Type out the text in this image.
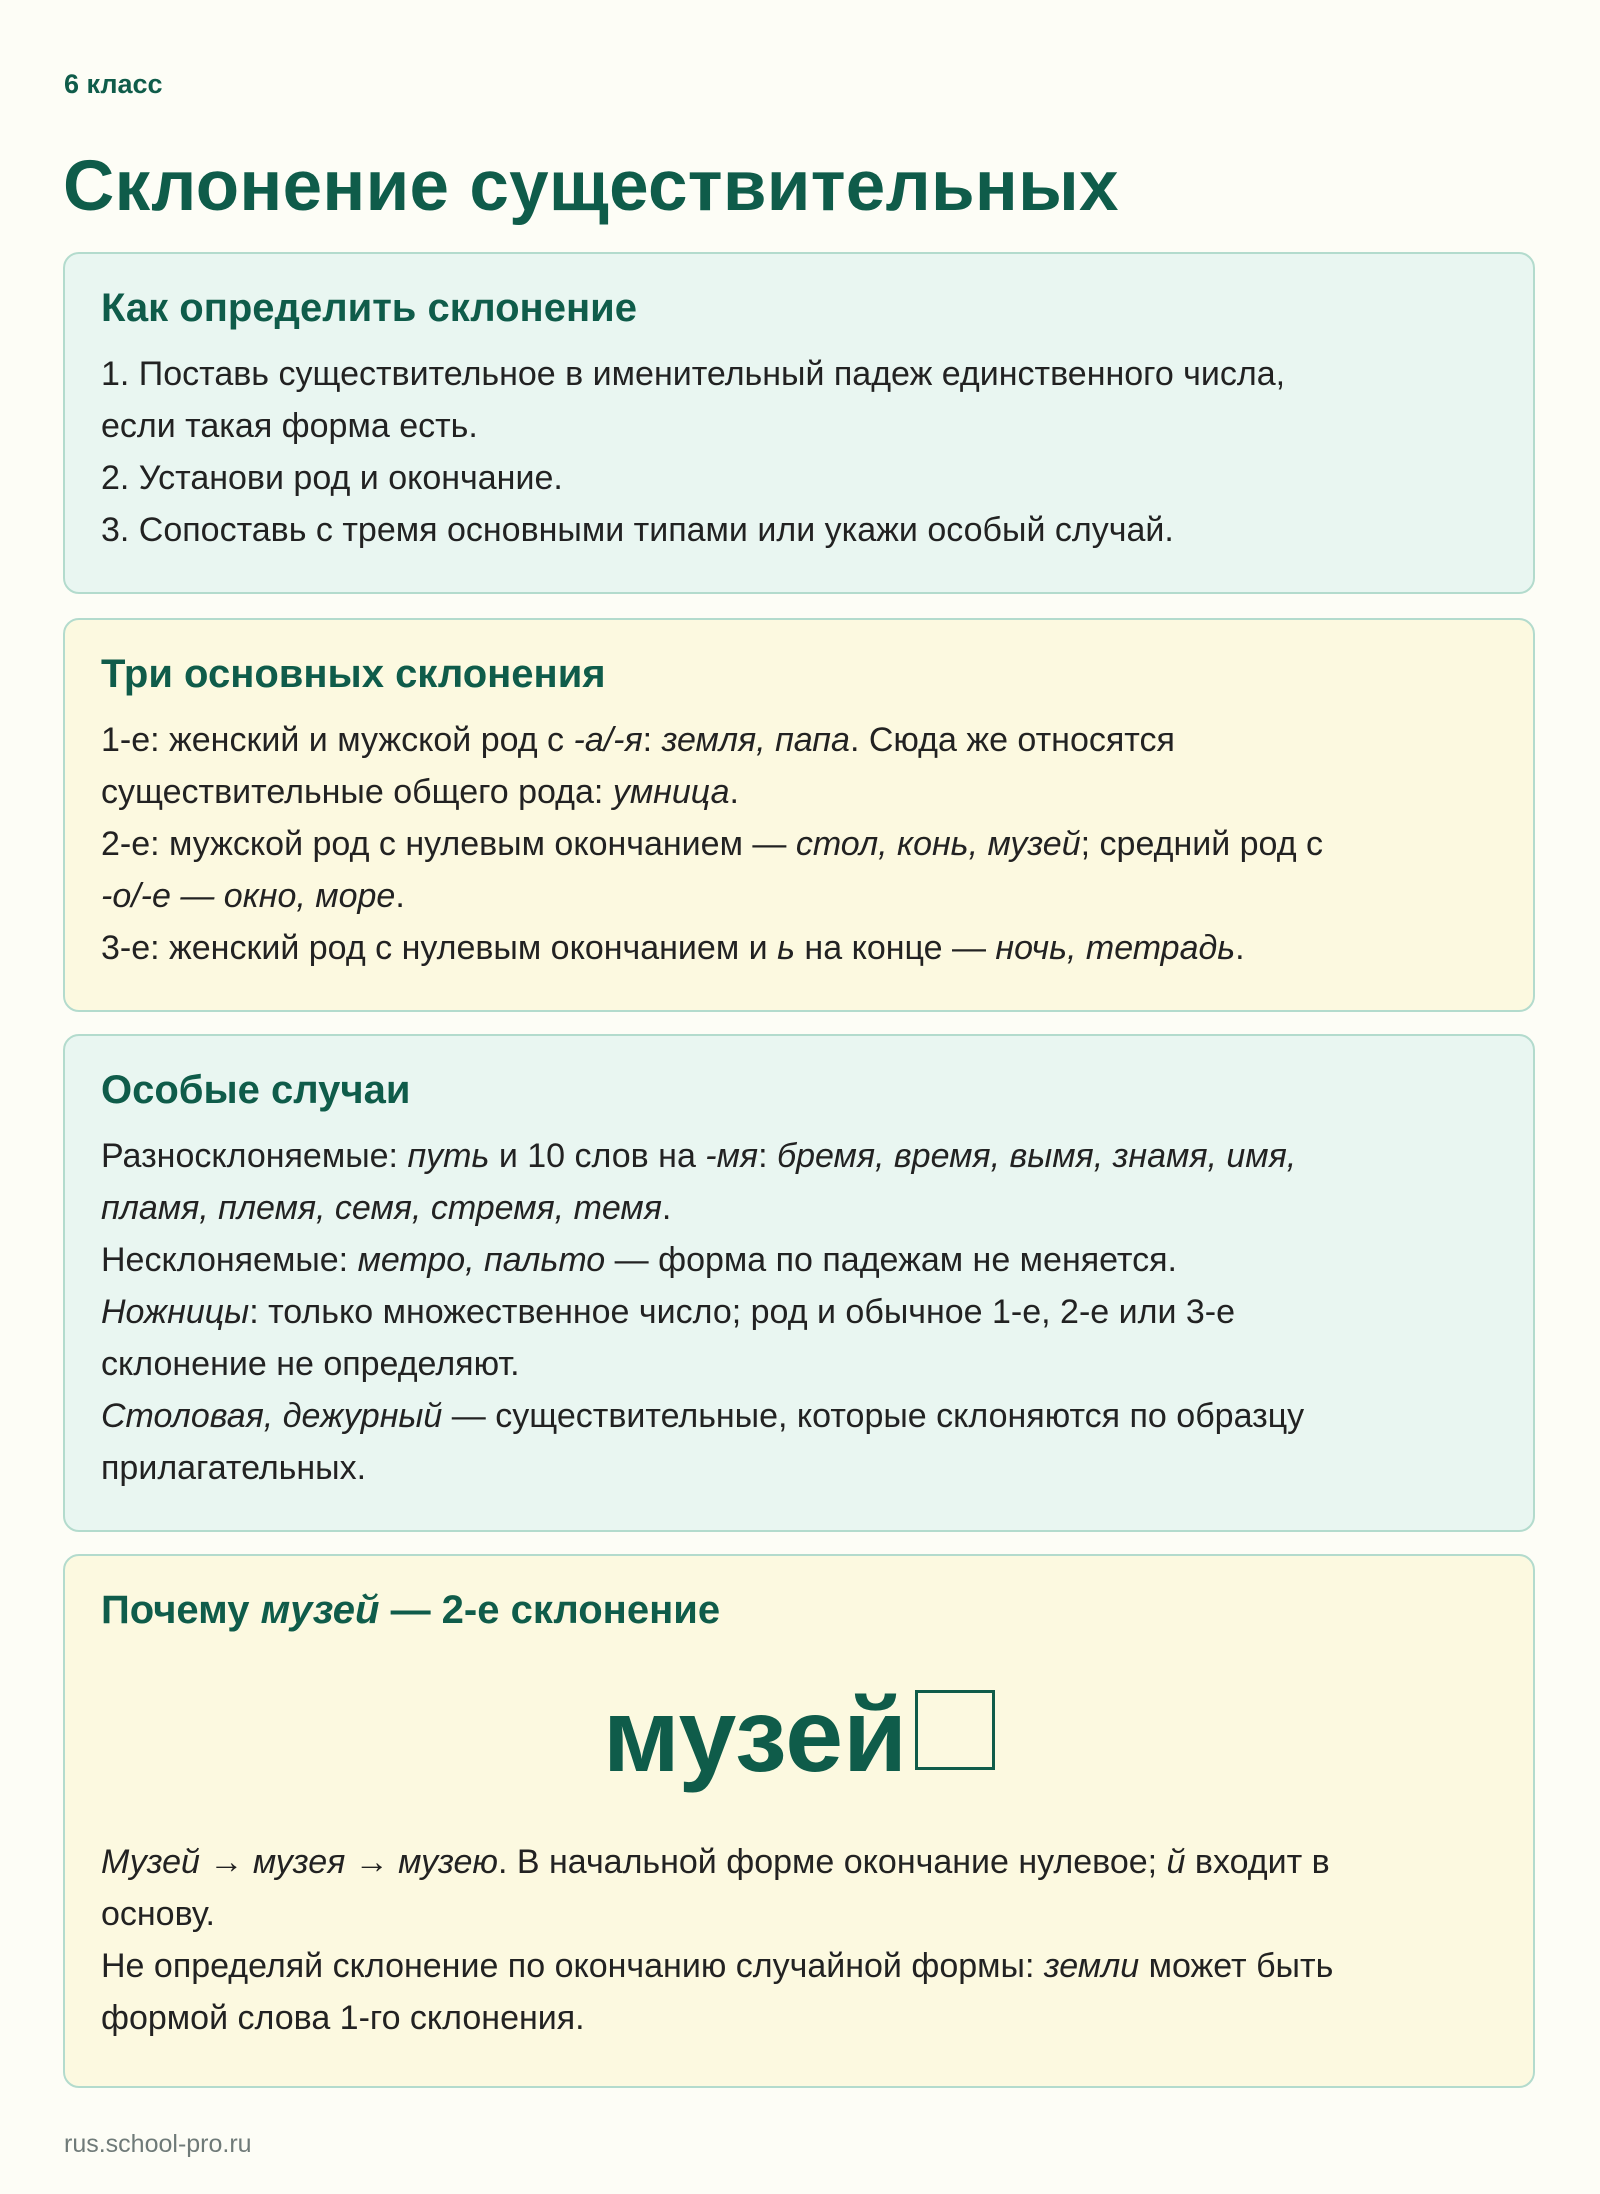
6 класс
Склонение существительных
Как определить склонение

1. Поставь существительное в именительный падеж единственного числа,

если такая форма есть.

2. Установи род и окончание.

3. Сопоставь с тремя основными типами или укажи особый случай.

Три основных склонения

1-е: женский и мужской род с -а/-я: земля, папа. Сюда же относятся

существительные общего рода: умница.

2-е: мужской род с нулевым окончанием — стол, конь, музей; средний род с

-о/-е — окно, море.

3-е: женский род с нулевым окончанием и ь на конце — ночь, тетрадь.

Особые случаи

Разносклоняемые: путь и 10 слов на -мя: бремя, время, вымя, знамя, имя,

пламя, племя, семя, стремя, темя.

Несклоняемые: метро, пальто — форма по падежам не меняется.

Ножницы: только множественное число; род и обычное 1-е, 2-е или 3-е

склонение не определяют.

Столовая, дежурный — существительные, которые склоняются по образцу

прилагательных.

Почему музей — 2-е склонение
музей

Музей → музея → музею. В начальной форме окончание нулевое; й входит в

основу.

Не определяй склонение по окончанию случайной формы: земли может быть

формой слова 1-го склонения.

rus.school-pro.ru
